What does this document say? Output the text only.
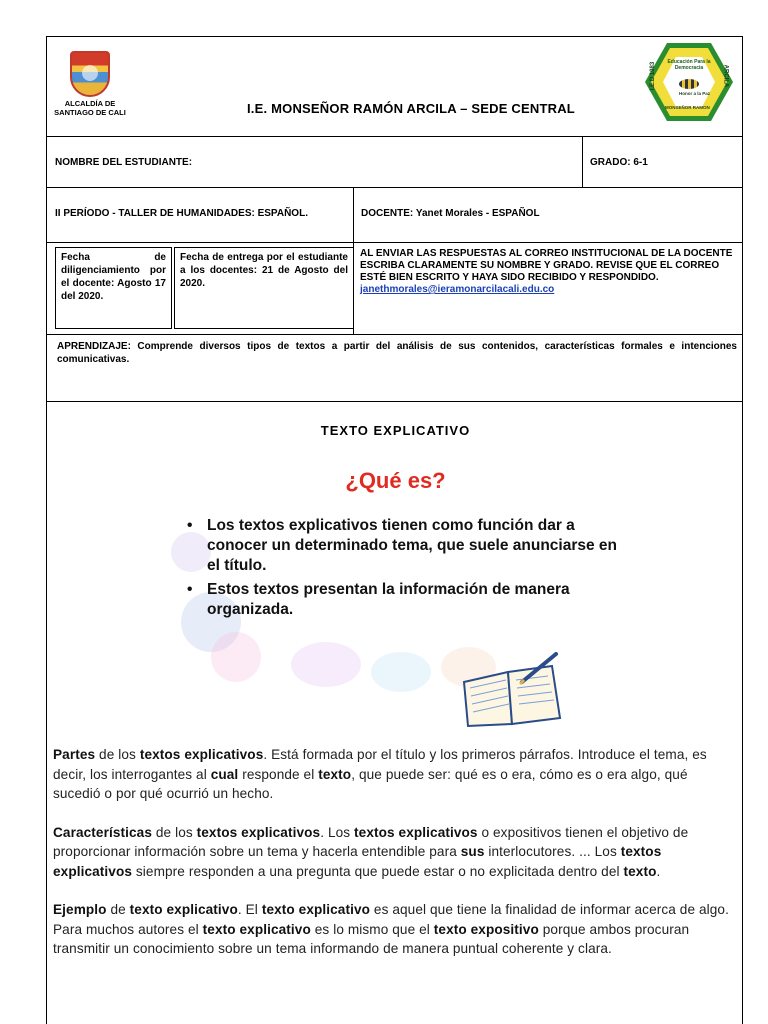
ALCALDÍA DE
SANTIAGO DE CALI	I.E. MONSEÑOR RAMÓN ARCILA – SEDE CENTRAL
Educación Para la Democracia
Honor a la Paz
I.E.D 1983	ARCILA
MONSEÑOR RAMON
NOMBRE DEL ESTUDIANTE:	GRADO: 6-1
II PERÍODO - TALLER DE HUMANIDADES: ESPAÑOL.	DOCENTE: Yanet Morales - ESPAÑOL
Fecha de diligenciamiento por el docente: Agosto 17 del 2020.
Fecha de entrega por el estudiante a los docentes: 21 de Agosto del 2020.
AL ENVIAR LAS RESPUESTAS AL CORREO INSTITUCIONAL DE LA DOCENTE ESCRIBA CLARAMENTE SU NOMBRE Y GRADO. REVISE QUE EL CORREO ESTÉ BIEN ESCRITO Y HAYA SIDO RECIBIDO Y RESPONDIDO.
janethmorales@ieramonarcilacali.edu.co
APRENDIZAJE: Comprende diversos tipos de textos a partir del análisis de sus contenidos, características formales e intenciones comunicativas.
TEXTO EXPLICATIVO
¿Qué es?
• Los textos explicativos tienen como función dar a conocer un determinado tema, que suele anunciarse en el título.
• Estos textos presentan la información de manera organizada.

Partes de los textos explicativos. Está formada por el título y los primeros párrafos. Introduce el tema, es decir, los interrogantes al cual responde el texto, que puede ser: qué es o era, cómo es o era algo, qué sucedió o por qué ocurrió un hecho.

Características de los textos explicativos. Los textos explicativos o expositivos tienen el objetivo de proporcionar información sobre un tema y hacerla entendible para sus interlocutores. ... Los textos explicativos siempre responden a una pregunta que puede estar o no explicitada dentro del texto.

Ejemplo de texto explicativo. El texto explicativo es aquel que tiene la finalidad de informar acerca de algo. Para muchos autores el texto explicativo es lo mismo que el texto expositivo porque ambos procuran transmitir un conocimiento sobre un tema informando de manera puntual coherente y clara.
